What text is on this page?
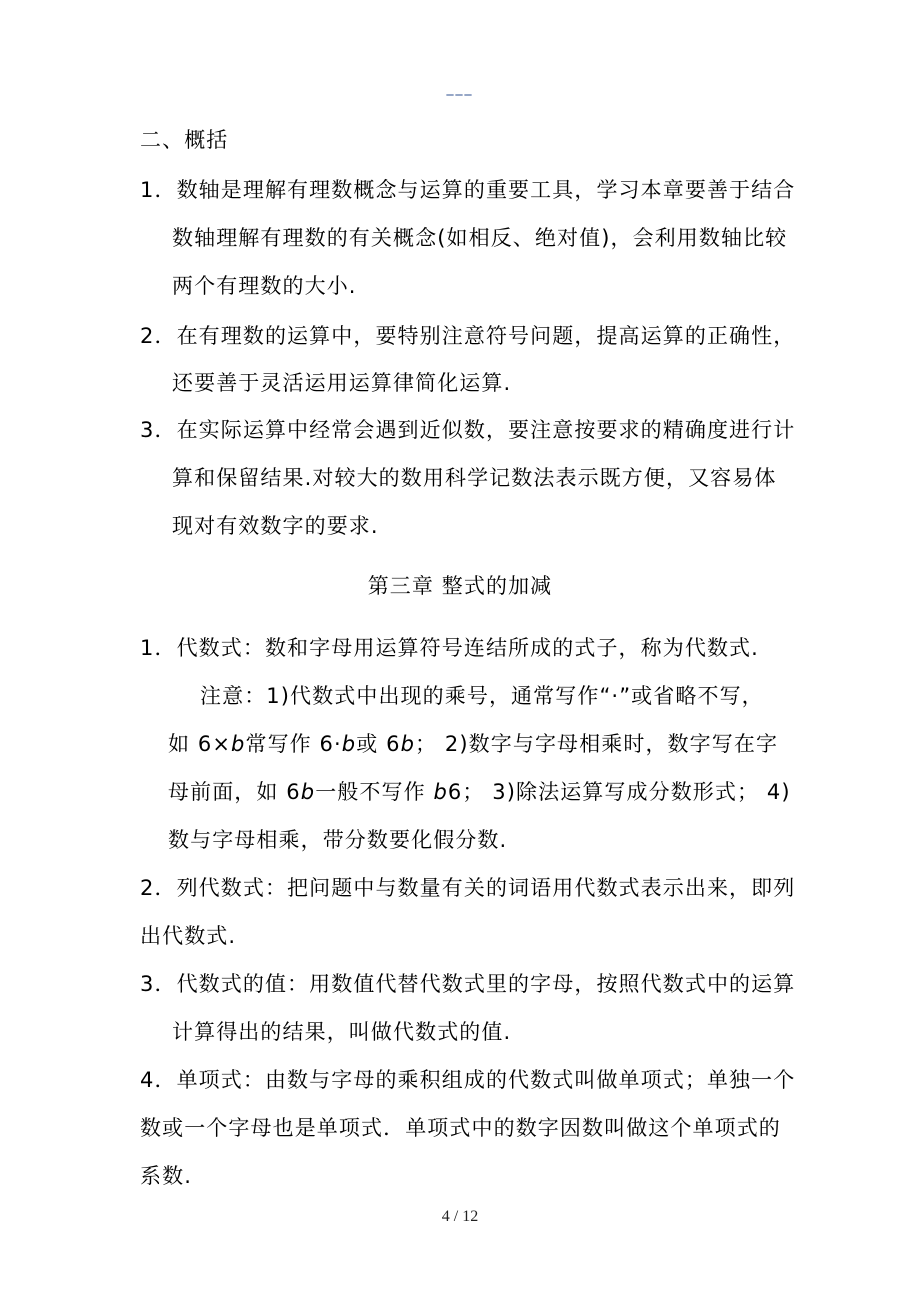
___
二、概括
1．数轴是理解有理数概念与运算的重要工具，学习本章要善于结合
数轴理解有理数的有关概念(如相反、绝对值)，会利用数轴比较
两个有理数的大小.
2．在有理数的运算中，要特别注意符号问题，提高运算的正确性，
还要善于灵活运用运算律简化运算.
3．在实际运算中经常会遇到近似数，要注意按要求的精确度进行计
算和保留结果.对较大的数用科学记数法表示既方便，又容易体
现对有效数字的要求.
第三章 整式的加减
1．代数式：数和字母用运算符号连结所成的式子，称为代数式.
注意：1)代数式中出现的乘号，通常写作“·”或省略不写，
如 6×b常写作 6·b或 6b； 2)数字与字母相乘时，数字写在字
母前面，如 6b一般不写作 b6； 3)除法运算写成分数形式； 4)
数与字母相乘，带分数要化假分数.
2．列代数式：把问题中与数量有关的词语用代数式表示出来，即列
出代数式.
3．代数式的值：用数值代替代数式里的字母，按照代数式中的运算
计算得出的结果，叫做代数式的值.
4．单项式：由数与字母的乘积组成的代数式叫做单项式；单独一个
数或一个字母也是单项式．单项式中的数字因数叫做这个单项式的
系数.
4 / 12
